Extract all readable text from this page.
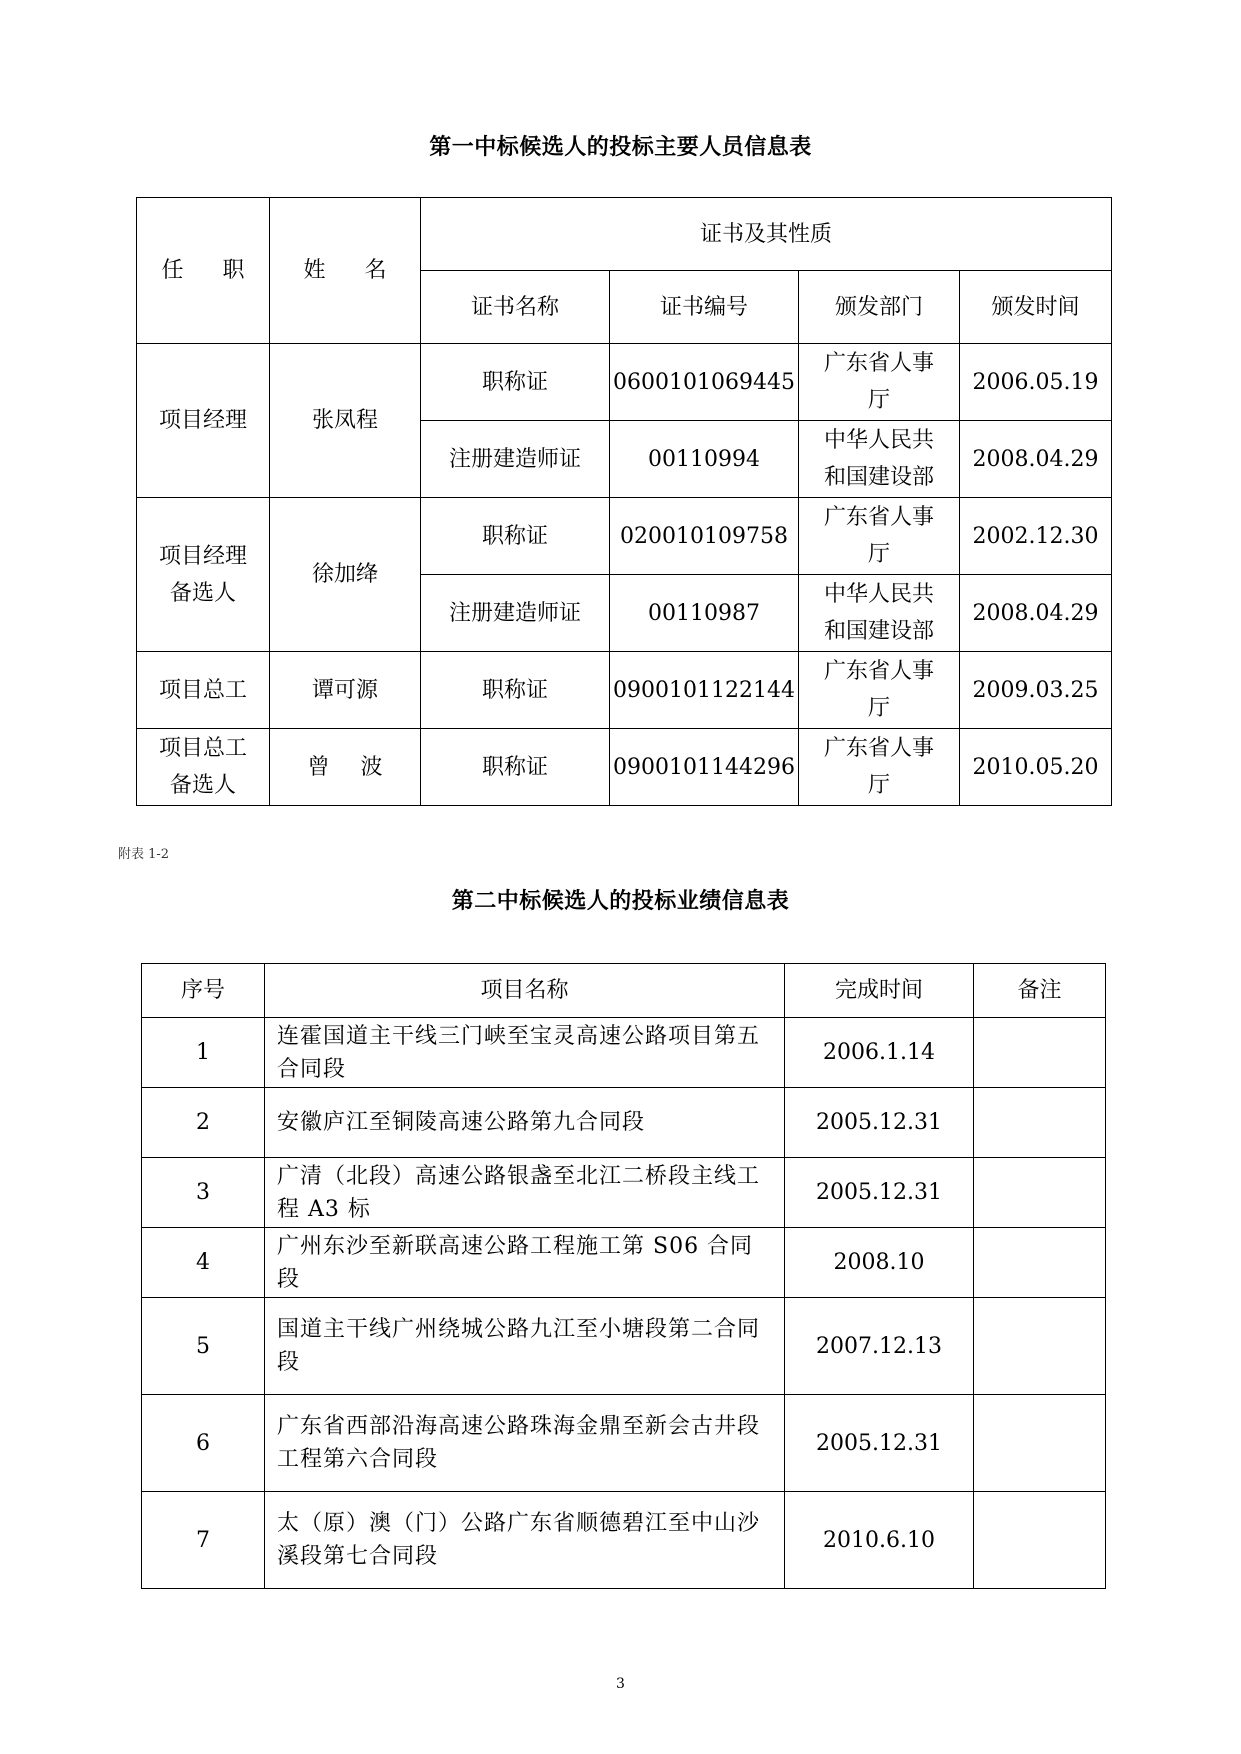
第一中标候选人的投标主要人员信息表
任 职	姓 名	证书及其性质			
		证书名称	证书编号	颁发部门	颁发时间
项目经理	张凤程	职称证	0600101069445	广东省人事厅	2006.05.19
		注册建造师证	00110994	中华人民共和国建设部	2008.04.29
项目经理备选人	徐加绛	职称证	020010109758	广东省人事厅	2002.12.30
		注册建造师证	00110987	中华人民共和国建设部	2008.04.29
项目总工	谭可源	职称证	0900101122144	广东省人事厅	2009.03.25
项目总工备选人	曾 波	职称证	0900101144296	广东省人事厅	2010.05.20
附表 1-2
第二中标候选人的投标业绩信息表
序号	项目名称	完成时间	备注
1	连霍国道主干线三门峡至宝灵高速公路项目第五合同段	2006.1.14	
2	安徽庐江至铜陵高速公路第九合同段	2005.12.31	
3	广清（北段）高速公路银盏至北江二桥段主线工程 A3 标	2005.12.31	
4	广州东沙至新联高速公路工程施工第 S06 合同段	2008.10	
5	国道主干线广州绕城公路九江至小塘段第二合同段	2007.12.13	
6	广东省西部沿海高速公路珠海金鼎至新会古井段工程第六合同段	2005.12.31	
7	太（原）澳（门）公路广东省顺德碧江至中山沙溪段第七合同段	2010.6.10	
3
